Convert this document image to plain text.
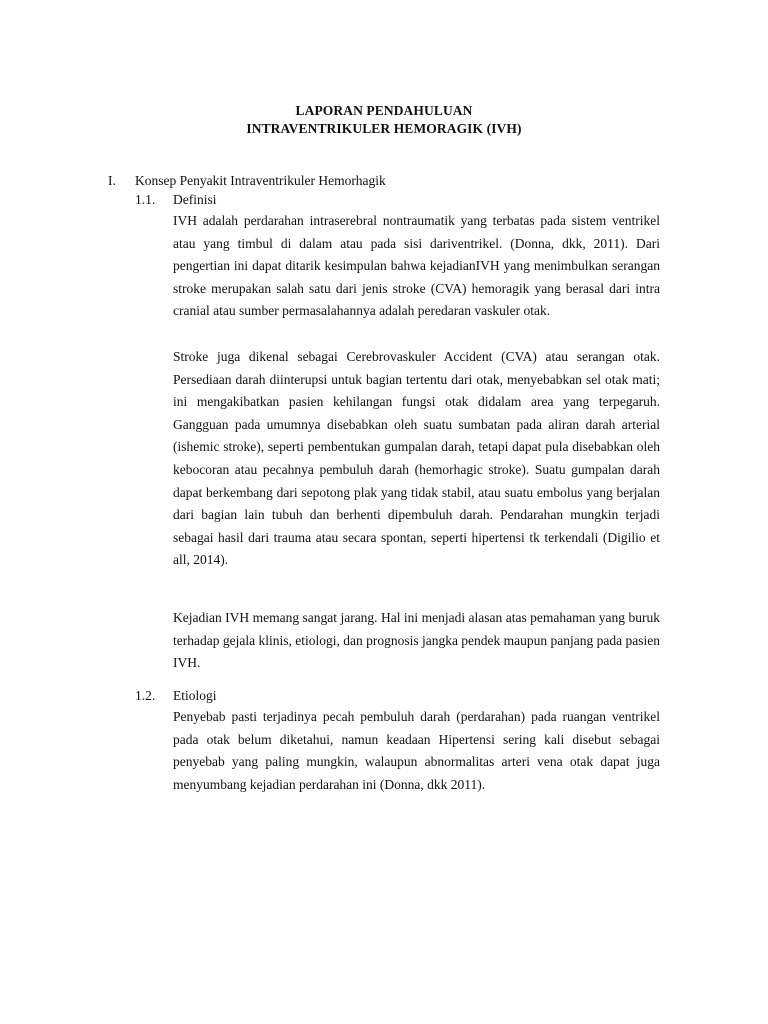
LAPORAN PENDAHULUAN
INTRAVENTRIKULER HEMORAGIK (IVH)
I. Konsep Penyakit Intraventrikuler Hemorhagik
1.1. Definisi

IVH adalah perdarahan intraserebral nontraumatik yang terbatas pada sistem ventrikel atau yang timbul di dalam atau pada sisi dariventrikel. (Donna, dkk, 2011). Dari pengertian ini dapat ditarik kesimpulan bahwa kejadianIVH yang menimbulkan serangan stroke merupakan salah satu dari jenis stroke (CVA) hemoragik yang berasal dari intra cranial atau sumber permasalahannya adalah peredaran vaskuler otak.

Stroke juga dikenal sebagai Cerebrovaskuler Accident (CVA) atau serangan otak. Persediaan darah diinterupsi untuk bagian tertentu dari otak, menyebabkan sel otak mati; ini mengakibatkan pasien kehilangan fungsi otak didalam area yang terpegaruh. Gangguan pada umumnya disebabkan oleh suatu sumbatan pada aliran darah arterial (ishemic stroke), seperti pembentukan gumpalan darah, tetapi dapat pula disebabkan oleh kebocoran atau pecahnya pembuluh darah (hemorhagic stroke). Suatu gumpalan darah dapat berkembang dari sepotong plak yang tidak stabil, atau suatu embolus yang berjalan dari bagian lain tubuh dan berhenti dipembuluh darah. Pendarahan mungkin terjadi sebagai hasil dari trauma atau secara spontan, seperti hipertensi tk terkendali (Digilio et all, 2014).

Kejadian IVH memang sangat jarang. Hal ini menjadi alasan atas pemahaman yang buruk terhadap gejala klinis, etiologi, dan prognosis jangka pendek maupun panjang pada pasien IVH.

1.2. Etiologi

Penyebab pasti terjadinya pecah pembuluh darah (perdarahan) pada ruangan ventrikel pada otak belum diketahui, namun keadaan Hipertensi sering kali disebut sebagai penyebab yang paling mungkin, walaupun abnormalitas arteri vena otak dapat juga menyumbang kejadian perdarahan ini (Donna, dkk 2011).
